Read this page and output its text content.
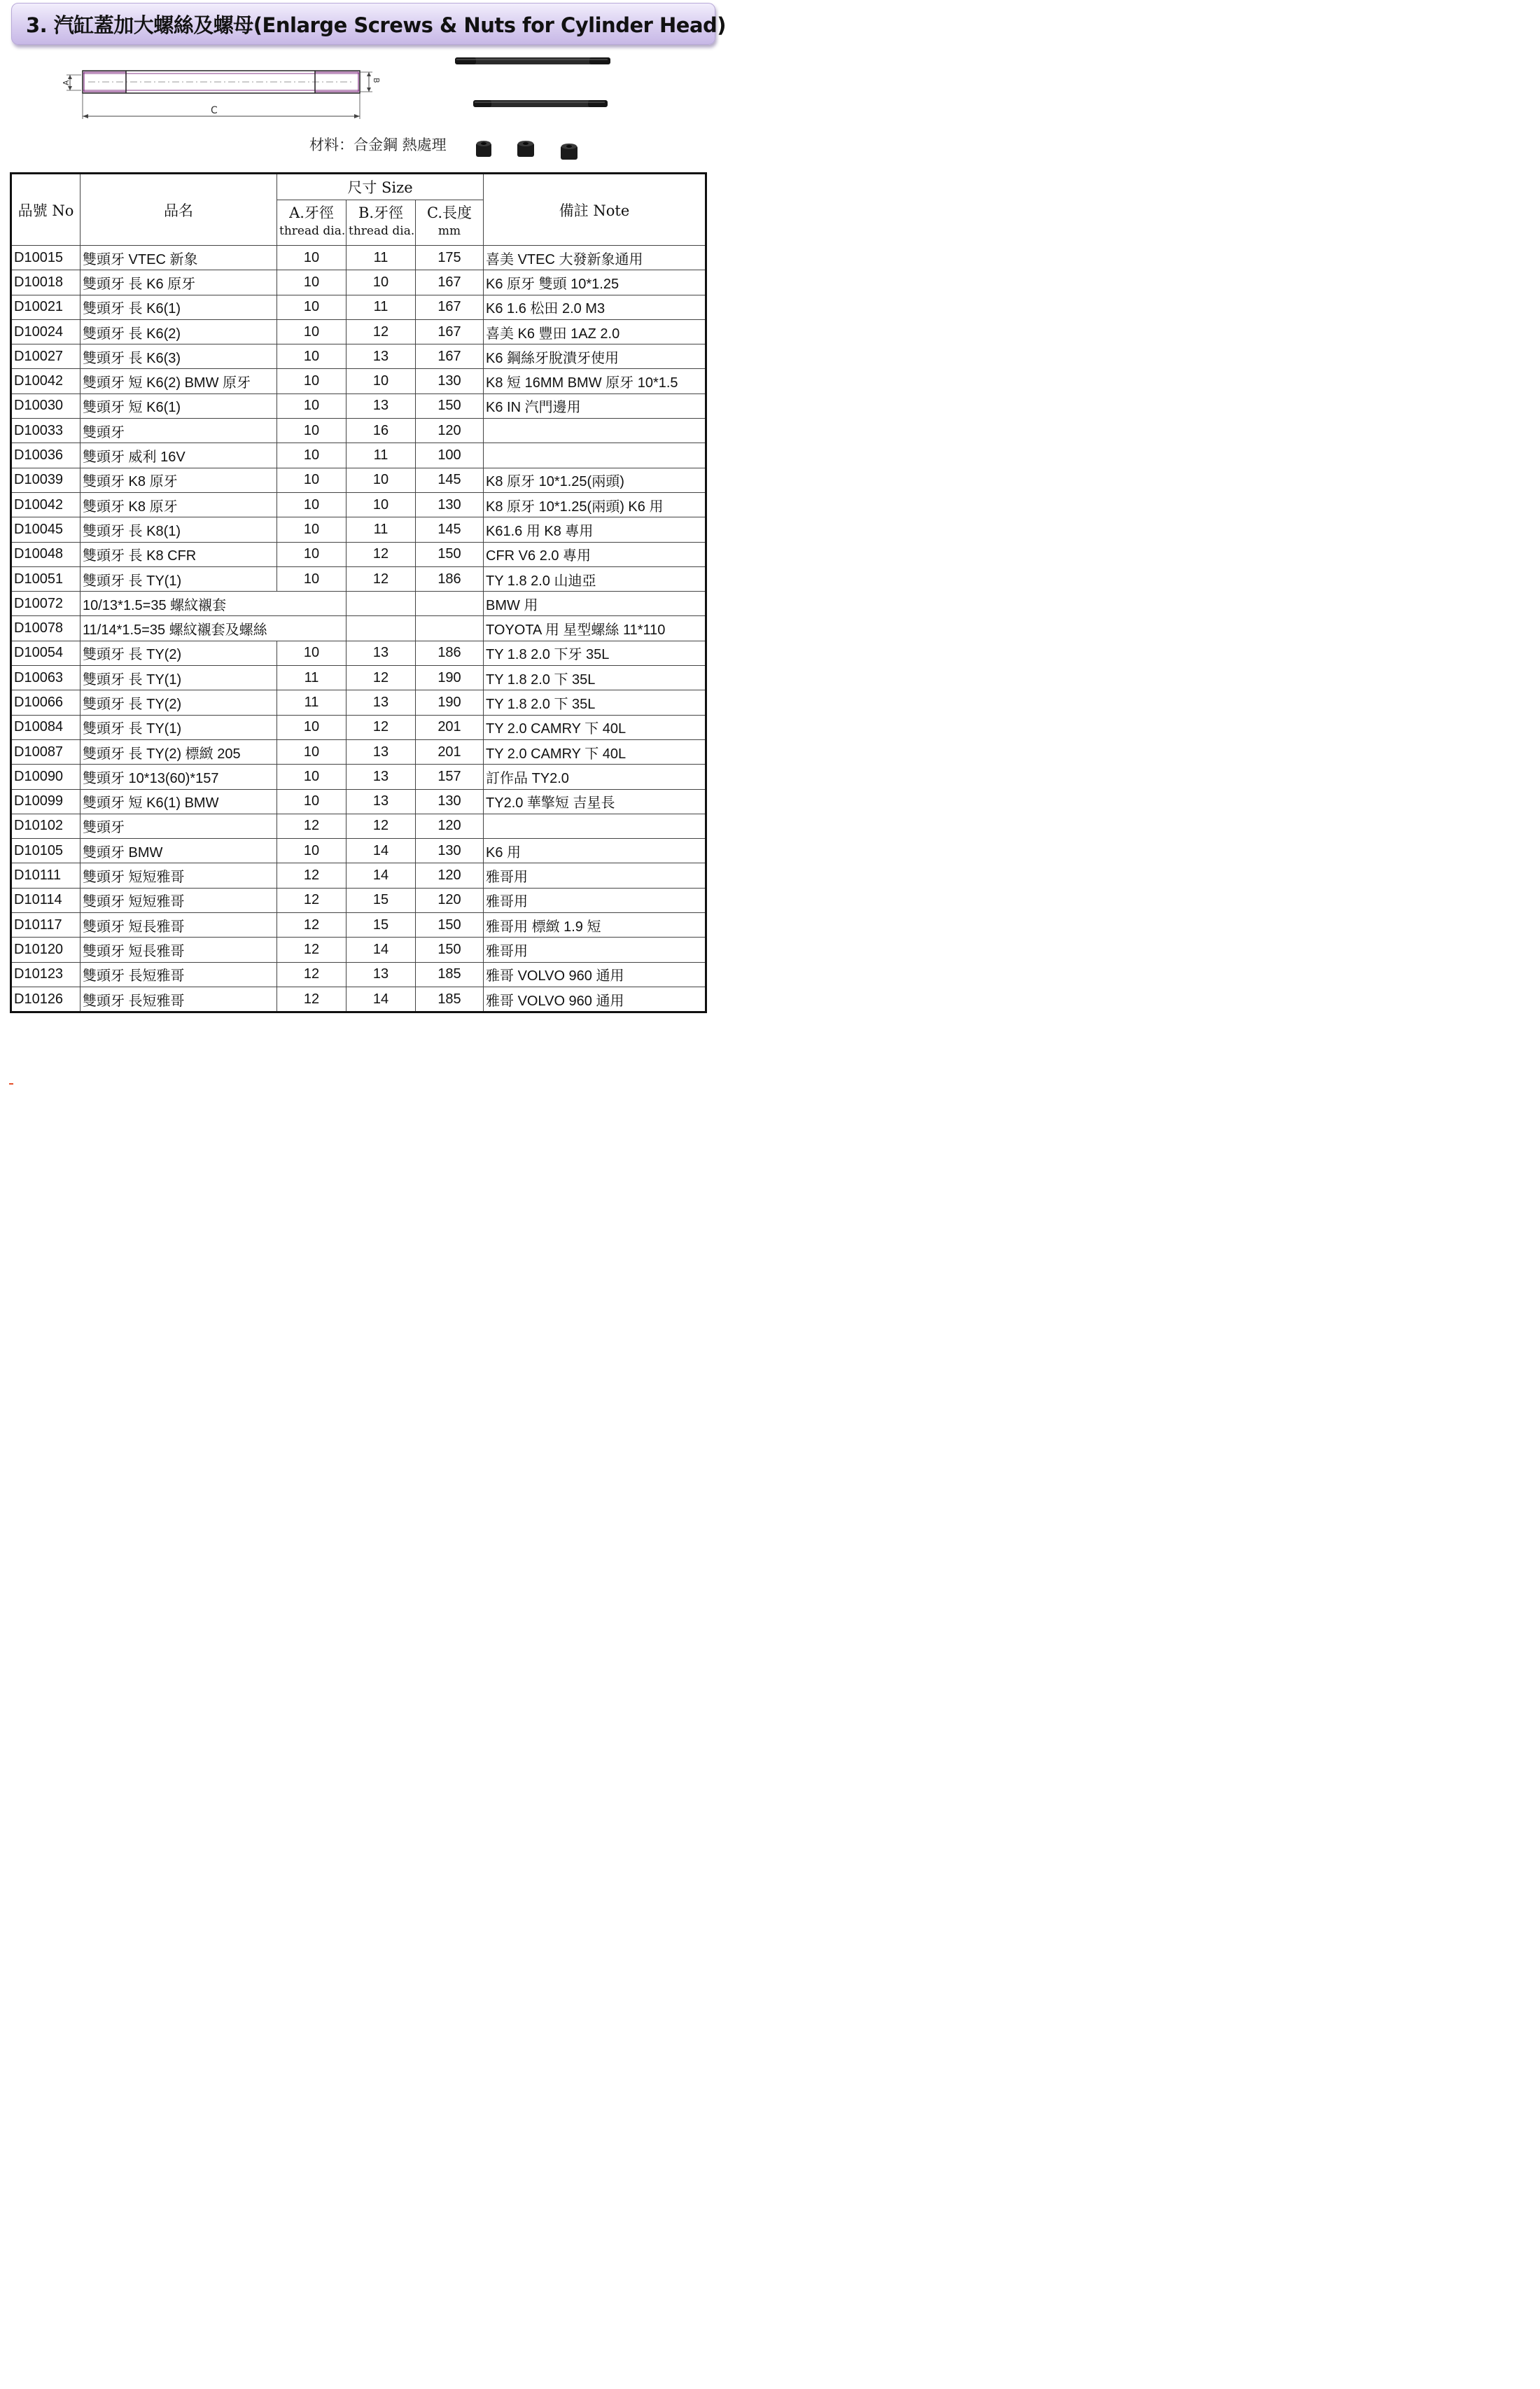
3. 汽缸蓋加大螺絲及螺母(Enlarge Screws & Nuts for Cylinder Head)
A	B
C
材料：合金鋼 熱處理
品號 No	品名	尺寸 Size			備註 Note
		A.牙徑	B.牙徑	C.長度	
		thread dia.	thread dia.	mm	
D10015	雙頭牙 VTEC 新象	10	11	175	喜美 VTEC 大發新象通用
D10018	雙頭牙 長 K6 原牙	10	10	167	K6 原牙 雙頭 10*1.25
D10021	雙頭牙 長 K6(1)	10	11	167	K6 1.6 松田 2.0 M3
D10024	雙頭牙 長 K6(2)	10	12	167	喜美 K6 豐田 1AZ 2.0
D10027	雙頭牙 長 K6(3)	10	13	167	K6 鋼絲牙脫潰牙使用
D10042	雙頭牙 短 K6(2) BMW 原牙	10	10	130	K8 短 16MM BMW 原牙 10*1.5
D10030	雙頭牙 短 K6(1)	10	13	150	K6 IN 汽門邊用
D10033	雙頭牙	10	16	120	
D10036	雙頭牙 威利 16V	10	11	100	
D10039	雙頭牙 K8 原牙	10	10	145	K8 原牙 10*1.25(兩頭)
D10042	雙頭牙 K8 原牙	10	10	130	K8 原牙 10*1.25(兩頭) K6 用
D10045	雙頭牙 長 K8(1)	10	11	145	K61.6 用 K8 專用
D10048	雙頭牙 長 K8 CFR	10	12	150	CFR V6 2.0 專用
D10051	雙頭牙 長 TY(1)	10	12	186	TY 1.8 2.0 山迪亞
D10072	10/13*1.5=35 螺紋襯套				BMW 用
D10078	11/14*1.5=35 螺紋襯套及螺絲				TOYOTA 用 星型螺絲 11*110
D10054	雙頭牙 長 TY(2)	10	13	186	TY 1.8 2.0 下牙 35L
D10063	雙頭牙 長 TY(1)	11	12	190	TY 1.8 2.0 下 35L
D10066	雙頭牙 長 TY(2)	11	13	190	TY 1.8 2.0 下 35L
D10084	雙頭牙 長 TY(1)	10	12	201	TY 2.0 CAMRY 下 40L
D10087	雙頭牙 長 TY(2) 標緻 205	10	13	201	TY 2.0 CAMRY 下 40L
D10090	雙頭牙 10*13(60)*157	10	13	157	訂作品 TY2.0
D10099	雙頭牙 短 K6(1) BMW	10	13	130	TY2.0 華擎短 吉星長
D10102	雙頭牙	12	12	120	
D10105	雙頭牙 BMW	10	14	130	K6 用
D10111	雙頭牙 短短雅哥	12	14	120	雅哥用
D10114	雙頭牙 短短雅哥	12	15	120	雅哥用
D10117	雙頭牙 短長雅哥	12	15	150	雅哥用 標緻 1.9 短
D10120	雙頭牙 短長雅哥	12	14	150	雅哥用
D10123	雙頭牙 長短雅哥	12	13	185	雅哥 VOLVO 960 通用
D10126	雙頭牙 長短雅哥	12	14	185	雅哥 VOLVO 960 通用
